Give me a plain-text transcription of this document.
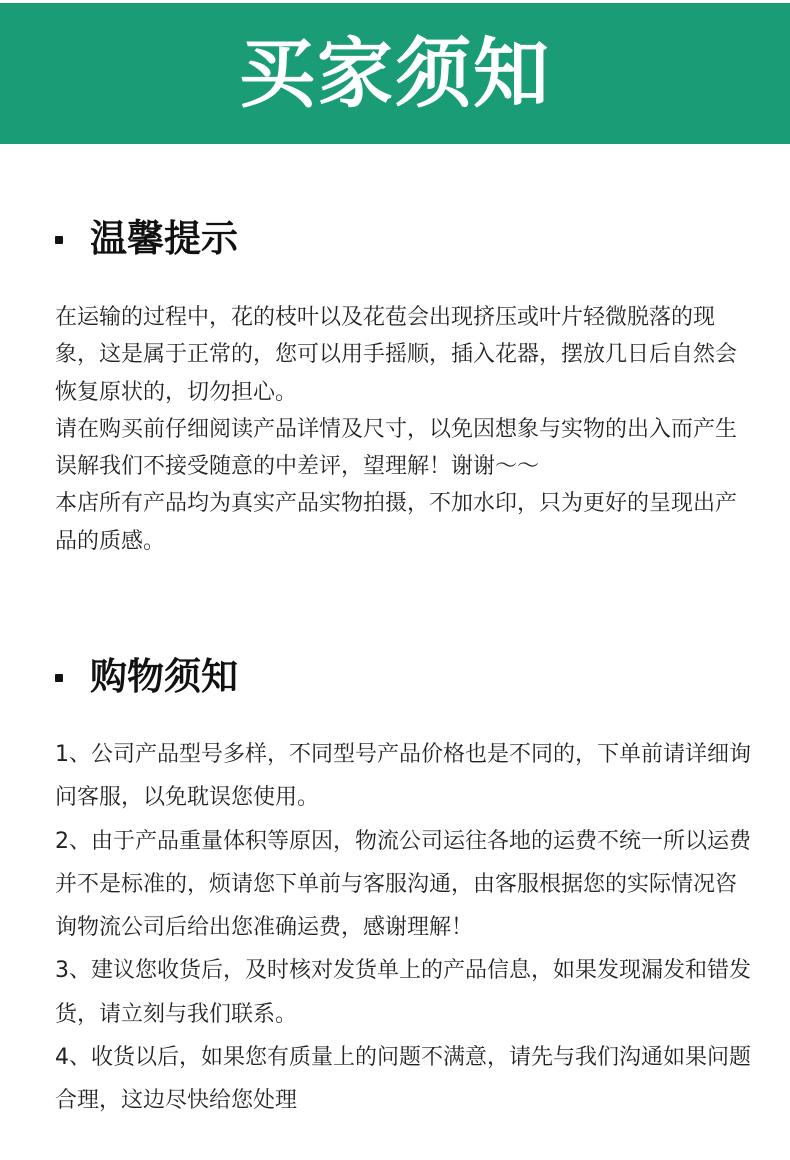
买家须知
温馨提示

在运输的过程中，花的枝叶以及花苞会出现挤压或叶片轻微脱落的现象，这是属于正常的，您可以用手摇顺，插入花器，摆放几日后自然会恢复原状的，切勿担心。

请在购买前仔细阅读产品详情及尺寸，以免因想象与实物的出入而产生误解我们不接受随意的中差评，望理解！谢谢～～

本店所有产品均为真实产品实物拍摄，不加水印，只为更好的呈现出产品的质感。

购物须知

1、公司产品型号多样，不同型号产品价格也是不同的，下单前请详细询问客服，以免耽误您使用。

2、由于产品重量体积等原因，物流公司运往各地的运费不统一所以运费并不是标准的，烦请您下单前与客服沟通，由客服根据您的实际情况咨询物流公司后给出您准确运费，感谢理解！

3、建议您收货后，及时核对发货单上的产品信息，如果发现漏发和错发货，请立刻与我们联系。

4、收货以后，如果您有质量上的问题不满意，请先与我们沟通如果问题合理，这边尽快给您处理
